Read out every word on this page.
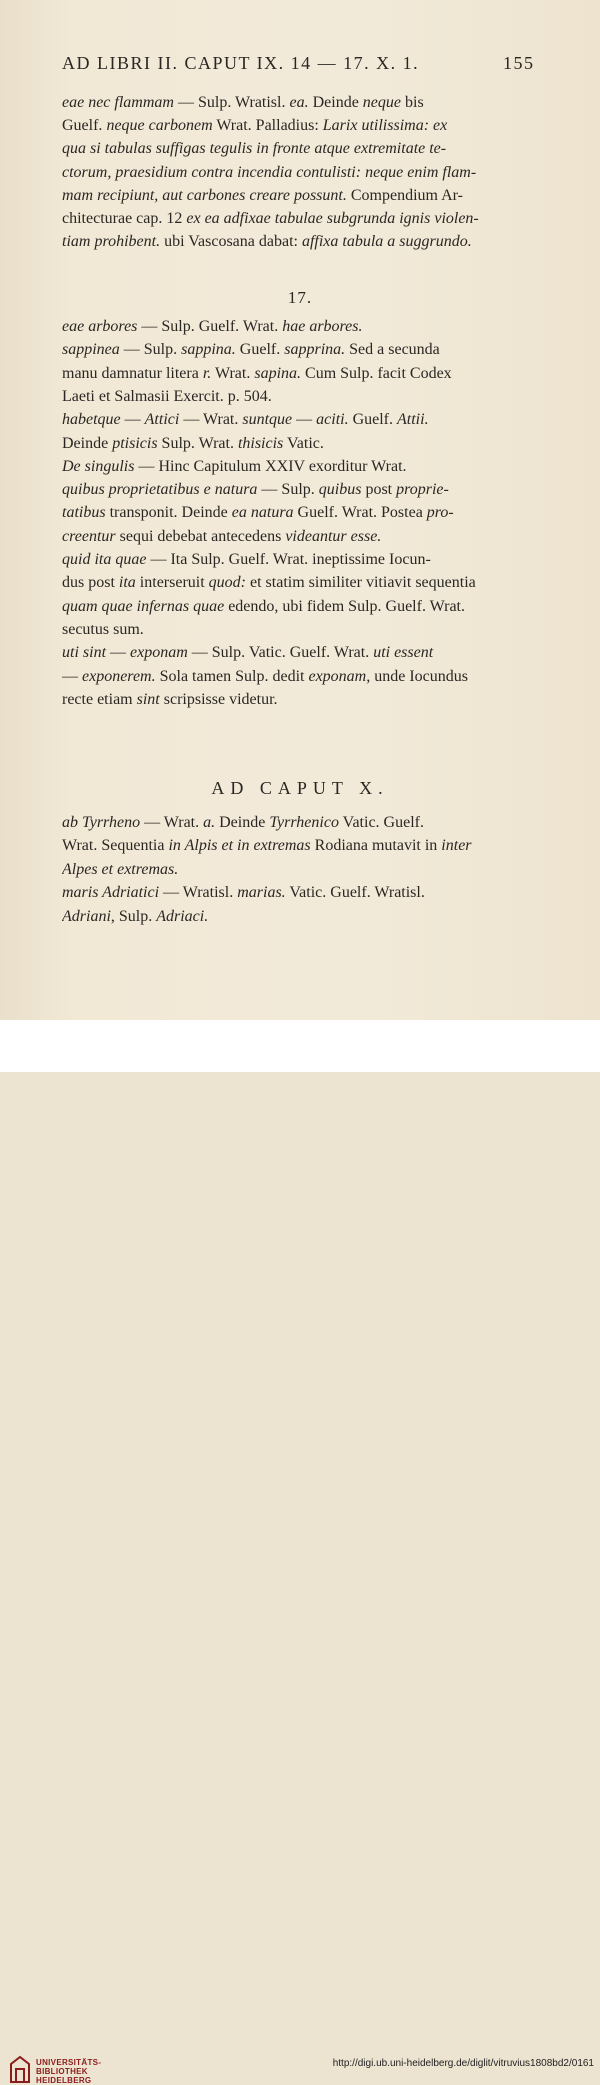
AD LIBRI II. CAPUT IX. 14 — 17. X. 1.	155
eae nec flammam — Sulp. Wratisl. ea. Deinde neque bis
Guelf. neque carbonem Wrat. Palladius: Larix utilissima: ex
qua si tabulas suffigas tegulis in fronte atque extremitate te-
ctorum, praesidium contra incendia contulisti: neque enim flam-
mam recipiunt, aut carbones creare possunt. Compendium Ar-
chitecturae cap. 12 ex ea adfixae tabulae subgrunda ignis violen-
tiam prohibent. ubi Vascosana dabat: affixa tabula a suggrundo.
17.
eae arbores — Sulp. Guelf. Wrat. hae arbores.
sappinea — Sulp. sappina. Guelf. sapprina. Sed a secunda
manu damnatur litera r. Wrat. sapina. Cum Sulp. facit Codex
Laeti et Salmasii Exercit. p. 504.
habetque — Attici — Wrat. suntque — aciti. Guelf. Attii.
Deinde ptisicis Sulp. Wrat. thisicis Vatic.
De singulis — Hinc Capitulum XXIV exorditur Wrat.
quibus proprietatibus e natura — Sulp. quibus post proprie-
tatibus transponit. Deinde ea natura Guelf. Wrat. Postea pro-
creentur sequi debebat antecedens videantur esse.
quid ita quae — Ita Sulp. Guelf. Wrat. ineptissime Iocun-
dus post ita interseruit quod: et statim similiter vitiavit sequentia
quam quae infernas quae edendo, ubi fidem Sulp. Guelf. Wrat.
secutus sum.
uti sint — exponam — Sulp. Vatic. Guelf. Wrat. uti essent
— exponerem. Sola tamen Sulp. dedit exponam, unde Iocundus
recte etiam sint scripsisse videtur.
AD CAPUT X.
ab Tyrrheno — Wrat. a. Deinde Tyrrhenico Vatic. Guelf.
Wrat. Sequentia in Alpis et in extremas Rodiana mutavit in inter
Alpes et extremas.
maris Adriatici — Wratisl. marias. Vatic. Guelf. Wratisl.
Adriani, Sulp. Adriaci.
UNIVERSITÄTS-
BIBLIOTHEK
HEIDELBERG
http://digi.ub.uni-heidelberg.de/diglit/vitruvius1808bd2/0161
